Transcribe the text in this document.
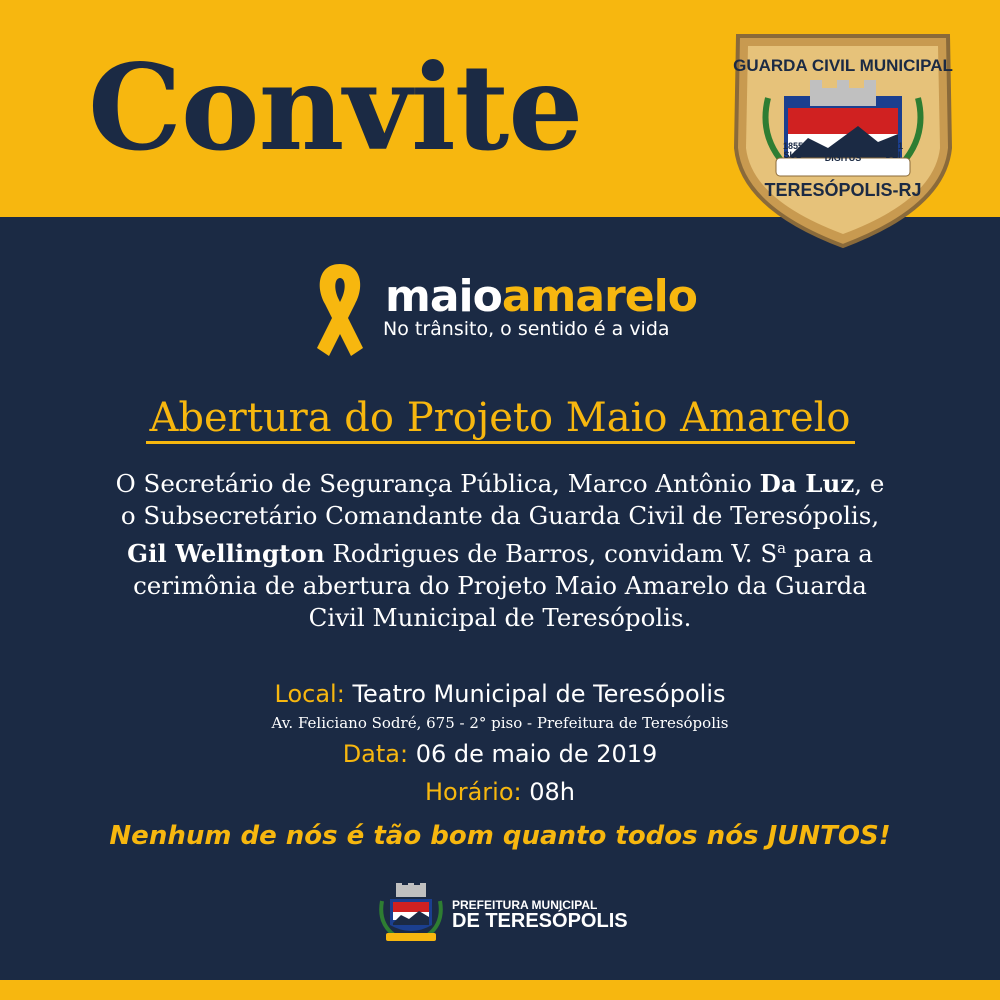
Convite	GUARDA CIVIL MUNICIPAL
1855
SUB	DIGITUS
1891
DEI
TERESÓPOLIS-RJ
maioamarelo
No trânsito, o sentido é a vida
Abertura do Projeto Maio Amarelo
O Secretário de Segurança Pública, Marco Antônio Da Luz, e
o Subsecretário Comandante da Guarda Civil de Teresópolis,
Gil Wellington Rodrigues de Barros, convidam V. $S^a$ para a
cerimônia de abertura do Projeto Maio Amarelo da Guarda
Civil Municipal de Teresópolis.
Local: Teatro Municipal de Teresópolis
Av. Feliciano Sodré, 675 - 2° piso - Prefeitura de Teresópolis
Data: 06 de maio de 2019
Horário: 08h
Nenhum de nós é tão bom quanto todos nós JUNTOS!
PREFEITURA MUNICIPAL
DE TERESÓPOLIS
